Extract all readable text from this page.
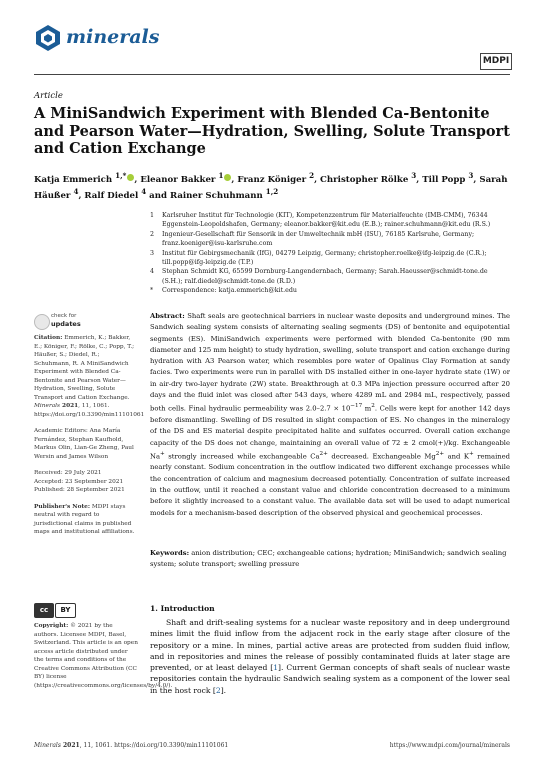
minerals
MDPI
Article
A MiniSandwich Experiment with Blended Ca-Bentonite and Pearson Water—Hydration, Swelling, Solute Transport and Cation Exchange
Katja Emmerich $^{1,*}$ , Eleanor Bakker $^1$ , Franz Königer $^2$, Christopher Rölke $^3$, Till Popp $^3$, Sarah Häußer $^4$, Ralf Diedel $^4$ and Rainer Schuhmann $^{1,2}$
1	Karlsruher Institut für Technologie (KIT), Kompetenzzentrum für Materialfeuchte (IMB-CMM), 76344 Eggenstein-Leopoldshafen, Germany; eleanor.bakker@kit.edu (E.B.); rainer.schuhmann@kit.edu (R.S.)
2	Ingenieur-Gesellschaft für Sensorik in der Umweltechnik mbH (ISU), 76185 Karlsruhe, Germany; franz.koeniger@isu-karlsruhe.com
3	Institut für Gebirgsmechanik (IfG), 04279 Leipzig, Germany; christopher.roelke@ifg-leipzig.de (C.R.); till.popp@ifg-leipzig.de (T.P.)
4	Stephan Schmidt KG, 65599 Dornburg-Langendernbach, Germany; Sarah.Haeusser@schmidt-tone.de (S.H.); ralf.diedel@schmidt-tone.de (R.D.)
*	Correspondence: katja.emmerich@kit.edu
check for
updates

Citation: Emmerich, K.; Bakker, E.; Königer, F.; Rölke, C.; Popp, T.; Häußer, S.; Diedel, R.; Schuhmann, R. A MiniSandwich Experiment with Blended Ca-Bentonite and Pearson Water—Hydration, Swelling, Solute Transport and Cation Exchange. Minerals 2021, 11, 1061. https://doi.org/10.3390/min11101061

Academic Editors: Ana María Fernández, Stephan Kaufhold, Markus Olin, Lian-Ge Zheng, Paul Wersin and James Wilson

Received: 29 July 2021
Accepted: 23 September 2021
Published: 28 September 2021

Publisher's Note: MDPI stays neutral with regard to jurisdictional claims in published maps and institutional affiliations.

cc	BY
Copyright: © 2021 by the authors. Licensee MDPI, Basel, Switzerland. This article is an open access article distributed under the terms and conditions of the Creative Commons Attribution (CC BY) license (https://creativecommons.org/licenses/by/4.0/).
Abstract: Shaft seals are geotechnical barriers in nuclear waste deposits and underground mines. The Sandwich sealing system consists of alternating sealing segments (DS) of bentonite and equipotential segments (ES). MiniSandwich experiments were performed with blended Ca-bentonite (90 mm diameter and 125 mm height) to study hydration, swelling, solute transport and cation exchange during hydration with A3 Pearson water, which resembles pore water of Opalinus Clay Formation at sandy facies. Two experiments were run in parallel with DS installed either in one-layer hydrate state (1W) or in air-dry two-layer hydrate (2W) state. Breakthrough at 0.3 MPa injection pressure occurred after 20 days and the fluid inlet was closed after 543 days, where 4289 mL and 2984 mL, respectively, passed both cells. Final hydraulic permeability was $2.0-2.7 \times 10^{-17}$ $m^2$. Cells were kept for another 142 days before dismantling. Swelling of DS resulted in slight compaction of ES. No changes in the mineralogy of the DS and ES material despite precipitated halite and sulfates occurred. Overall cation exchange capacity of the DS does not change, maintaining an overall value of 72 ± 2 cmol(+)/kg. Exchangeable Na+ strongly increased while exchangeable $Ca^{2+}$ decreased. Exchangeable $Mg^{2+}$ and K+ remained nearly constant. Sodium concentration in the outflow indicated two different exchange processes while the concentration of calcium and magnesium decreased potentially. Concentration of sulfate increased in the outflow, until it reached a constant value and chloride concentration decreased to a minimum before it slightly increased to a constant value. The available data set will be used to adapt numerical models for a mechanism-based description of the observed physical and geochemical processes.
Keywords: anion distribution; CEC; exchangeable cations; hydration; MiniSandwich; sandwich sealing system; solute transport; swelling pressure
1. Introduction
Shaft and drift-sealing systems for a nuclear waste repository and in deep underground mines limit the fluid inflow from the adjacent rock in the early stage after closure of the repository or a mine. In mines, partial active areas are protected from sudden fluid inflow, and in repositories and mines the release of possibly contaminated fluids at later stage are prevented, or at least delayed [1]. Current German concepts of shaft seals of nuclear waste repositories contain the hydraulic Sandwich sealing system as a component of the lower seal in the host rock [2].
Minerals 2021, 11, 1061. https://doi.org/10.3390/min11101061	https://www.mdpi.com/journal/minerals
